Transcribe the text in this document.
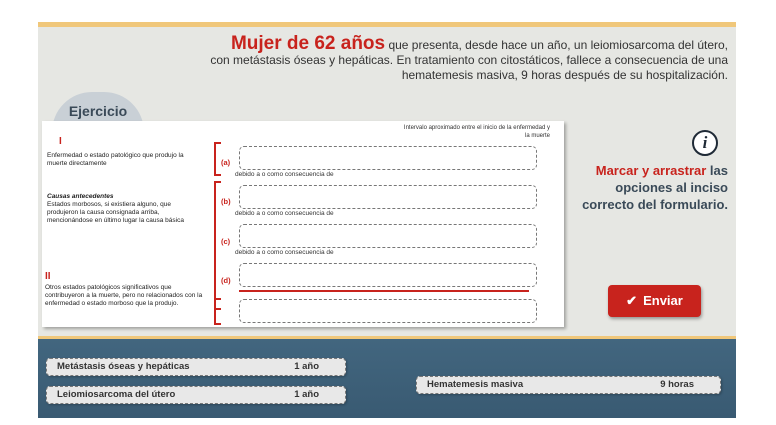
Mujer de 62 años que presenta, desde hace un año, un leiomiosarcoma del útero,
con metástasis óseas y hepáticas. En tratamiento con citostáticos, fallece a consecuencia de una
hematemesis masiva, 9 horas después de su hospitalización.
Ejercicio
Intervalo aproximado entre el inicio de la enfermedad y la muerte
I
Enfermedad o estado patológico que produjo la muerte directamente
Causas antecedentes
Estados morbosos, si existiera alguno, que produjeron la causa consignada arriba, mencionándose en último lugar la causa básica
II
Otros estados patológicos significativos que contribuyeron a la muerte, pero no relacionados con la enfermedad o estado morboso que la produjo.
(a)
(b)
(c)
(d)
debido a o como consecuencia de
debido a o como consecuencia de
debido a o como consecuencia de
i
Marcar y arrastrar las opciones al inciso correcto del formulario.
✔ Enviar
Metástasis óseas y hepáticas	1 año
Leiomiosarcoma del útero	1 año
Hematemesis masiva	9 horas
